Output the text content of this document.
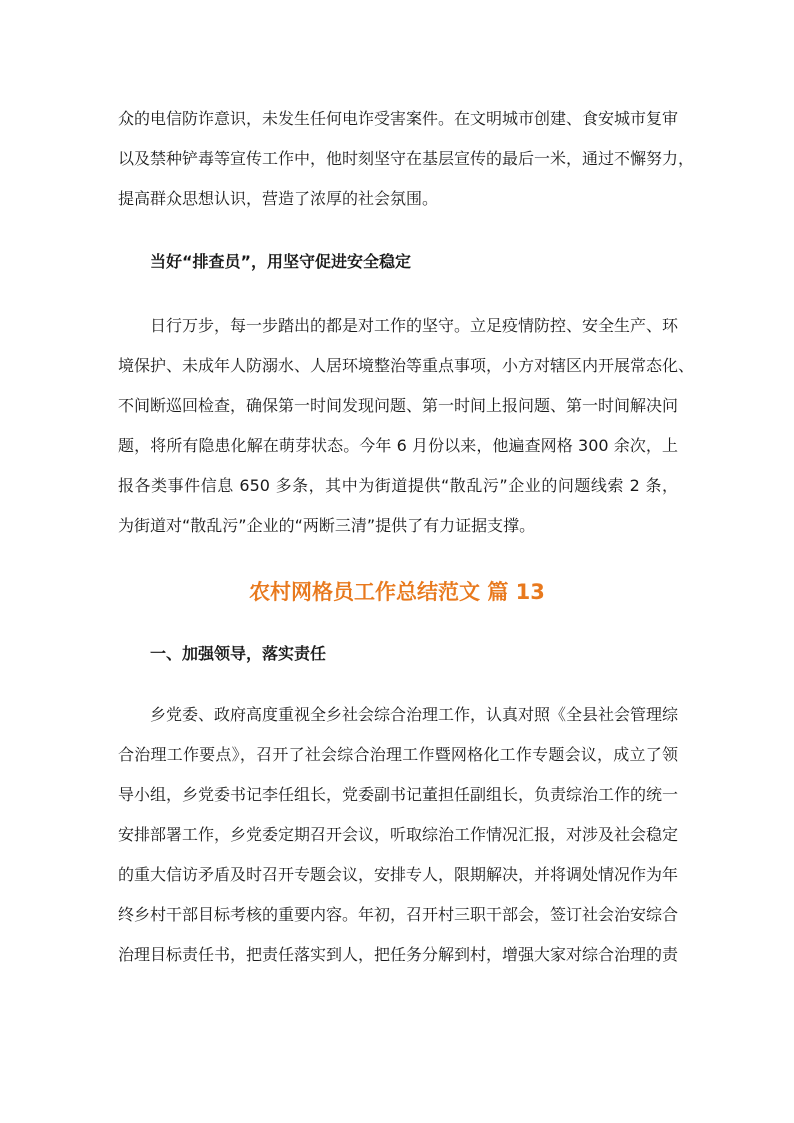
众的电信防诈意识，未发生任何电诈受害案件。在文明城市创建、食安城市复审
以及禁种铲毒等宣传工作中，他时刻坚守在基层宣传的最后一米，通过不懈努力，
提高群众思想认识，营造了浓厚的社会氛围。
当好“排查员”，用坚守促进安全稳定
日行万步，每一步踏出的都是对工作的坚守。立足疫情防控、安全生产、环
境保护、未成年人防溺水、人居环境整治等重点事项，小方对辖区内开展常态化、
不间断巡回检查，确保第一时间发现问题、第一时间上报问题、第一时间解决问
题，将所有隐患化解在萌芽状态。今年 6 月份以来，他遍查网格 300 余次，上
报各类事件信息 650 多条，其中为街道提供“散乱污”企业的问题线索 2 条，
为街道对“散乱污”企业的“两断三清”提供了有力证据支撑。
农村网格员工作总结范文 篇 13
一、加强领导，落实责任
乡党委、政府高度重视全乡社会综合治理工作，认真对照《全县社会管理综
合治理工作要点》，召开了社会综合治理工作暨网格化工作专题会议，成立了领
导小组，乡党委书记李任组长，党委副书记董担任副组长，负责综治工作的统一
安排部署工作，乡党委定期召开会议，听取综治工作情况汇报，对涉及社会稳定
的重大信访矛盾及时召开专题会议，安排专人，限期解决，并将调处情况作为年
终乡村干部目标考核的重要内容。年初，召开村三职干部会，签订社会治安综合
治理目标责任书，把责任落实到人，把任务分解到村，增强大家对综合治理的责
